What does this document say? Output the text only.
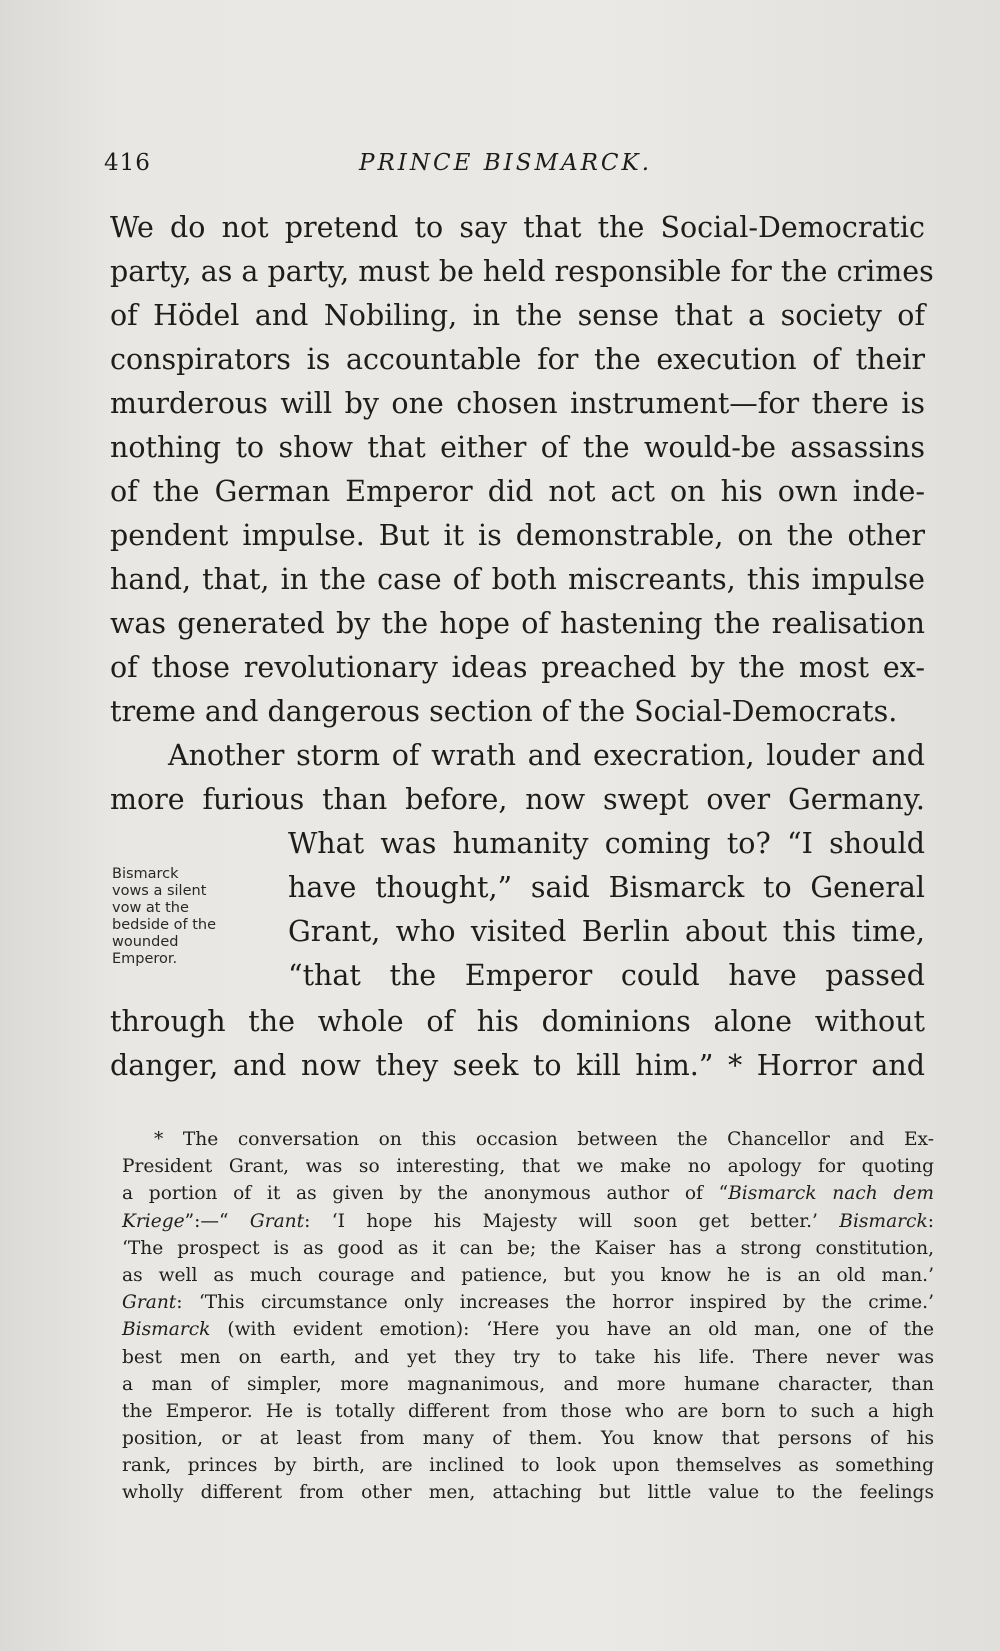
416	PRINCE BISMARCK.
We do not pretend to say that the Social-Democratic
party, as a party, must be held responsible for the crimes
of Hödel and Nobiling, in the sense that a society of
conspirators is accountable for the execution of their
murderous will by one chosen instrument—for there is
nothing to show that either of the would-be assassins
of the German Emperor did not act on his own inde-
pendent impulse. But it is demonstrable, on the other
hand, that, in the case of both miscreants, this impulse
was generated by the hope of hastening the realisation
of those revolutionary ideas preached by the most ex-
treme and dangerous section of the Social-Democrats.
Another storm of wrath and execration, louder and
more furious than before, now swept over Germany.
What was humanity coming to? “I should
have thought,” said Bismarck to General
Grant, who visited Berlin about this time,
“that the Emperor could have passed
Bismarck
vows a silent
vow at the
bedside of the
wounded
Emperor.
through the whole of his dominions alone without
danger, and now they seek to kill him.” * Horror and
* The conversation on this occasion between the Chancellor and Ex-
President Grant, was so interesting, that we make no apology for quoting
a portion of it as given by the anonymous author of “Bismarck nach dem
Kriege”:—“ Grant: ‘I hope his Majesty will soon get better.’ Bismarck:
‘The prospect is as good as it can be; the Kaiser has a strong constitution,
as well as much courage and patience, but you know he is an old man.’
Grant: ‘This circumstance only increases the horror inspired by the crime.’
Bismarck (with evident emotion): ‘Here you have an old man, one of the
best men on earth, and yet they try to take his life. There never was
a man of simpler, more magnanimous, and more humane character, than
the Emperor. He is totally different from those who are born to such a high
position, or at least from many of them. You know that persons of his
rank, princes by birth, are inclined to look upon themselves as something
wholly different from other men, attaching but little value to the feelings
